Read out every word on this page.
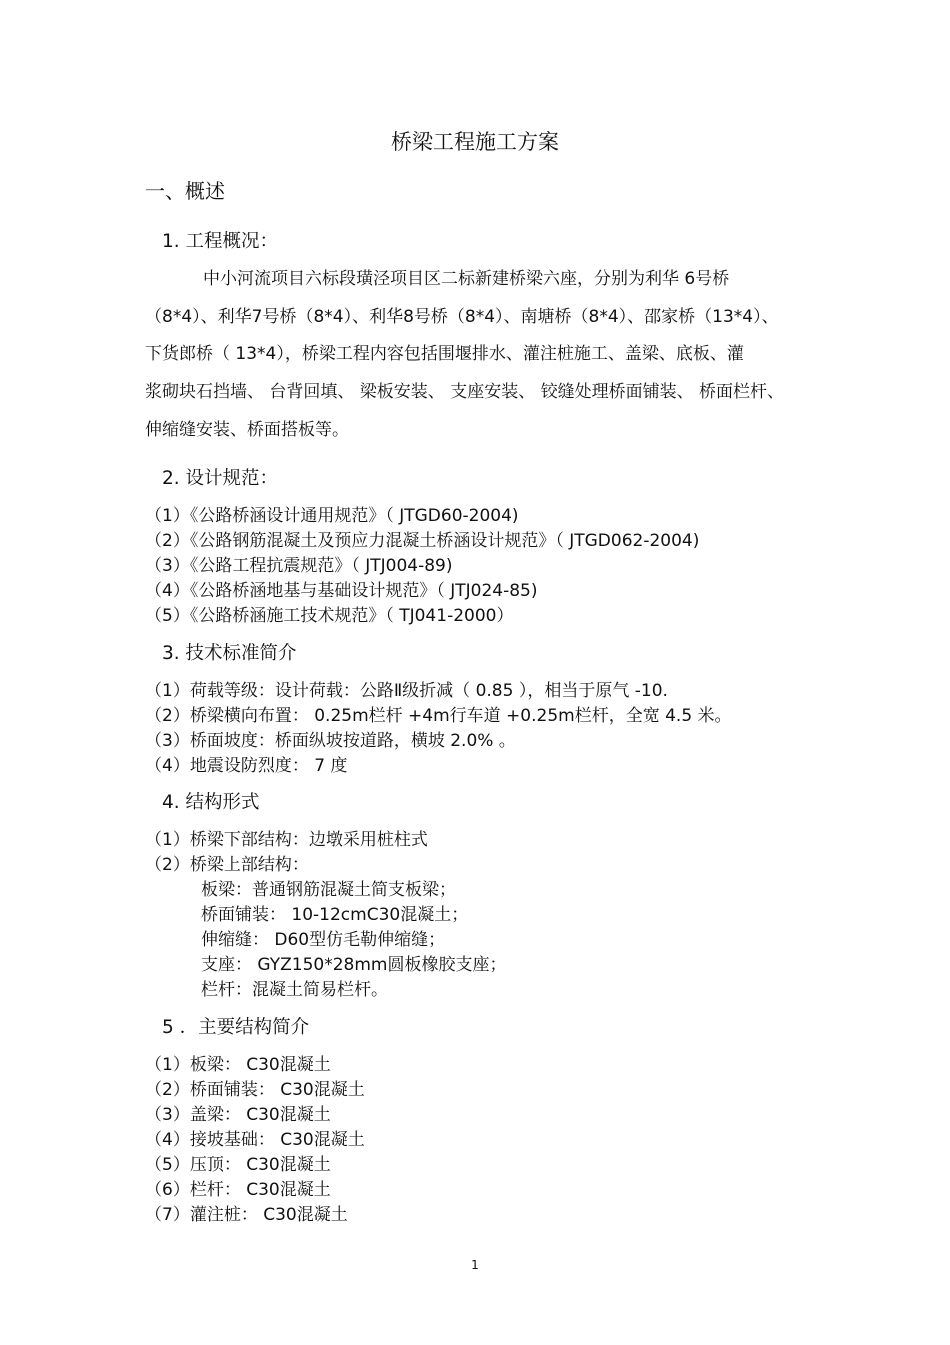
桥梁工程施工方案
一、概述
1. 工程概况：
中小河流项目六标段璜泾项目区二标新建桥梁六座，分别为利华 6号桥
（8*4）、利华7号桥（8*4）、利华8号桥（8*4）、南塘桥（8*4）、邵家桥（13*4）、
下货郎桥（ 13*4），桥梁工程内容包括围堰排水、灌注桩施工、盖梁、底板、灌
浆砌块石挡墙、 台背回填、 梁板安装、 支座安装、 铰缝处理桥面铺装、 桥面栏杆、
伸缩缝安装、桥面搭板等。
2. 设计规范：
（1）《公路桥涵设计通用规范》（ JTGD60-2004)
（2）《公路钢筋混凝土及预应力混凝土桥涵设计规范》（ JTGD062-2004)
（3）《公路工程抗震规范》（ JTJ004-89)
（4）《公路桥涵地基与基础设计规范》（ JTJ024-85)
（5）《公路桥涵施工技术规范》（ TJ041-2000）
3. 技术标准简介
（1）荷载等级：设计荷载：公路Ⅱ级折减（ 0.85 ），相当于原气 -10.
（2）桥梁横向布置： 0.25m栏杆 +4m行车道 +0.25m栏杆，全宽 4.5 米。
（3）桥面坡度：桥面纵坡按道路，横坡 2.0% 。
（4）地震设防烈度： 7 度
4. 结构形式
（1）桥梁下部结构：边墩采用桩柱式
（2）桥梁上部结构：
板梁：普通钢筋混凝土简支板梁；
桥面铺装： 10-12cmC30混凝土；
伸缩缝： D60型仿毛勒伸缩缝；
支座： GYZ150*28mm圆板橡胶支座；
栏杆：混凝土简易栏杆。
5 ．主要结构简介
（1）板梁： C30混凝土
（2）桥面铺装： C30混凝土
（3）盖梁： C30混凝土
（4）接坡基础： C30混凝土
（5）压顶： C30混凝土
（6）栏杆： C30混凝土
（7）灌注桩： C30混凝土
1
